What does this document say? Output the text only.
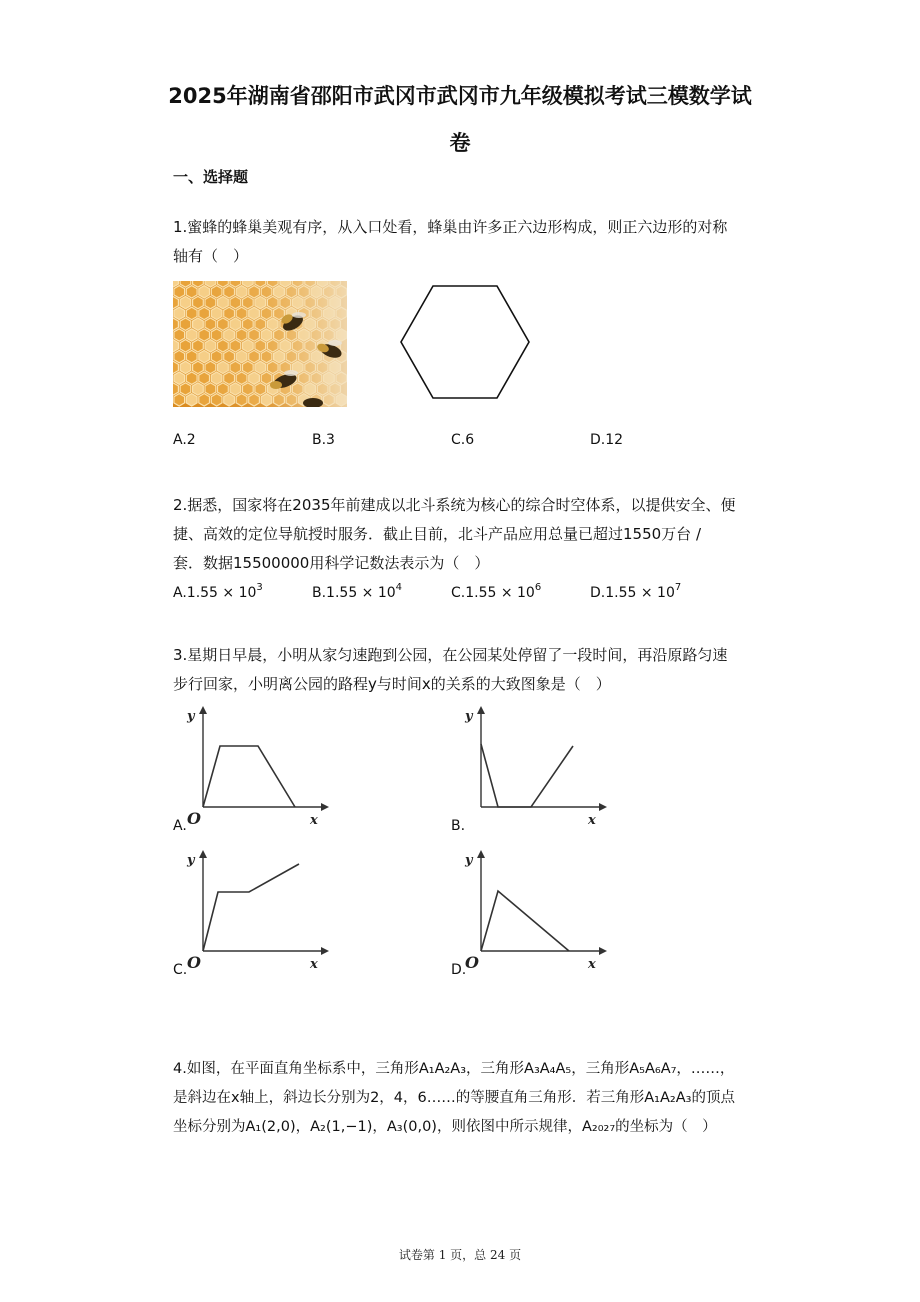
2025年湖南省邵阳市武冈市武冈市九年级模拟考试三模数学试
卷
一、选择题
1.蜜蜂的蜂巢美观有序，从入口处看，蜂巢由许多正六边形构成，则正六边形的对称
轴有（　）
A.2	B.3	C.6	D.12
2.据悉，国家将在2035年前建成以北斗系统为核心的综合时空体系，以提供安全、便
捷、高效的定位导航授时服务．截止目前，北斗产品应用总量已超过1550万台 /
套．数据15500000用科学记数法表示为（　）
$A.1.55 \times 10^3$	$B.1.55 \times 10^4$	$C.1.55 \times 10^6$	$D.1.55 \times 10^7$
3.星期日早晨，小明从家匀速跑到公园，在公园某处停留了一段时间，再沿原路匀速
步行回家，小明离公园的路程y与时间x的关系的大致图象是（　）
y
x
O
A.
y
x
B.
y
x
O
C.
y
x
O
D.
4.如图，在平面直角坐标系中，三角形A₁A₂A₃，三角形A₃A₄A₅，三角形A₅A₆A₇，……，
是斜边在x轴上，斜边长分别为2，4，6……的等腰直角三角形．若三角形A₁A₂A₃的顶点
坐标分别为A₁(2,0)，A₂(1,−1)，A₃(0,0)，则依图中所示规律，A₂₀₂₇的坐标为（　）
试卷第 1 页，总 24 页
